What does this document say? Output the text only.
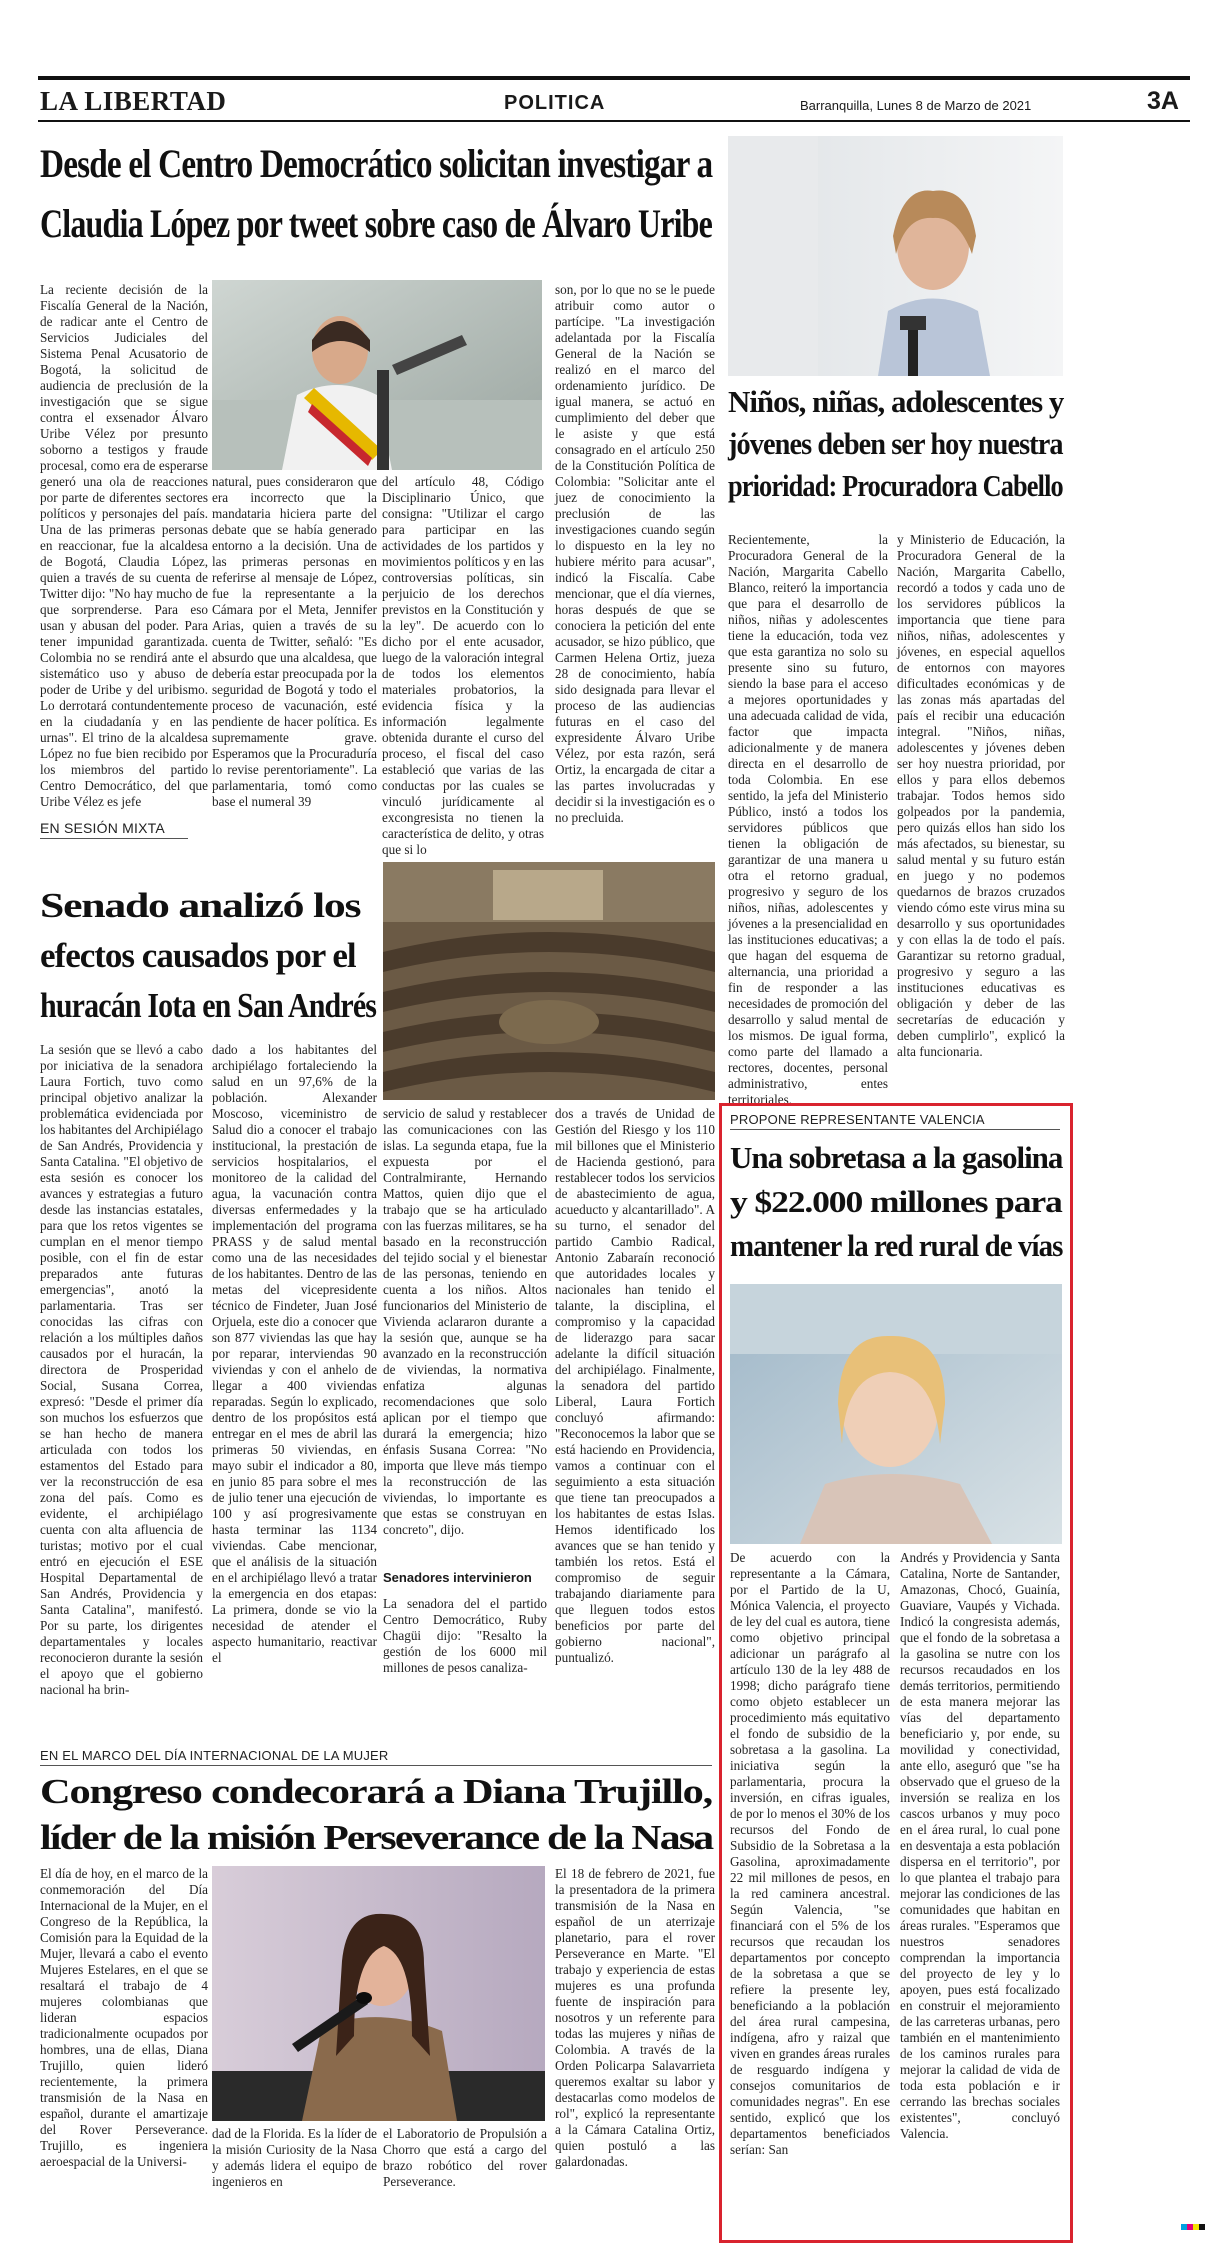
LA LIBERTAD	POLITICA	Barranquilla, Lunes 8 de Marzo de 2021	3A
Desde el Centro Democrático solicitan investigar a
Claudia López por tweet sobre caso de Álvaro Uribe
La reciente decisión de la Fiscalía General de la Nación, de radicar ante el Centro de Servicios Judiciales del Sistema Penal Acusatorio de Bogotá, la solicitud de audiencia de preclusión de la investigación que se sigue contra el exsenador Álvaro Uribe Vélez por presunto soborno a testigos y fraude procesal, como era de esperarse generó una ola de reacciones por parte de diferentes sectores políticos y personajes del país. Una de las primeras personas en reaccionar, fue la alcaldesa de Bogotá, Claudia López, quien a través de su cuenta de Twitter dijo: "No hay mucho de que sorprenderse. Para eso usan y abusan del poder. Para tener impunidad garantizada. Colombia no se rendirá ante el sistemático uso y abuso de poder de Uribe y del uribismo. Lo derrotará contundentemente en la ciudadanía y en las urnas". El trino de la alcaldesa López no fue bien recibido por los miembros del partido Centro Democrático, del que Uribe Vélez es jefe
natural, pues consideraron que era incorrecto que la mandataria hiciera parte del debate que se había generado entorno a la decisión. Una de las primeras personas en referirse al mensaje de López, fue la representante a la Cámara por el Meta, Jennifer Arias, quien a través de su cuenta de Twitter, señaló: "Es absurdo que una alcaldesa, que debería estar preocupada por la seguridad de Bogotá y todo el proceso de vacunación, esté pendiente de hacer política. Es supremamente grave. Esperamos que la Procuraduría lo revise perentoriamente". La parlamentaria, tomó como base el numeral 39
del artículo 48, Código Disciplinario Único, que consigna: "Utilizar el cargo para participar en las actividades de los partidos y movimientos políticos y en las controversias políticas, sin perjuicio de los derechos previstos en la Constitución y la ley". De acuerdo con lo dicho por el ente acusador, luego de la valoración integral de todos los elementos materiales probatorios, la evidencia física y la información legalmente obtenida durante el curso del proceso, el fiscal del caso estableció que varias de las conductas por las cuales se vinculó jurídicamente al excongresista no tienen la característica de delito, y otras que si lo
son, por lo que no se le puede atribuir como autor o partícipe. "La investigación adelantada por la Fiscalía General de la Nación se realizó en el marco del ordenamiento jurídico. De igual manera, se actuó en cumplimiento del deber que le asiste y que está consagrado en el artículo 250 de la Constitución Política de Colombia: "Solicitar ante el juez de conocimiento la preclusión de las investigaciones cuando según lo dispuesto en la ley no hubiere mérito para acusar", indicó la Fiscalía. Cabe mencionar, que el día viernes, horas después de que se conociera la petición del ente acusador, se hizo público, que Carmen Helena Ortiz, jueza 28 de conocimiento, había sido designada para llevar el proceso de las audiencias futuras en el caso del expresidente Álvaro Uribe Vélez, por esta razón, será Ortiz, la encargada de citar a las partes involucradas y decidir si la investigación es o no precluida.
Niños, niñas, adolescentes y
jóvenes deben ser hoy nuestra
prioridad: Procuradora Cabello
Recientemente, la Procuradora General de la Nación, Margarita Cabello Blanco, reiteró la importancia que para el desarrollo de niños, niñas y adolescentes tiene la educación, toda vez que esta garantiza no solo su presente sino su futuro, siendo la base para el acceso a mejores oportunidades y una adecuada calidad de vida, factor que impacta adicionalmente y de manera directa en el desarrollo de toda Colombia. En ese sentido, la jefa del Ministerio Público, instó a todos los servidores públicos que tienen la obligación de garantizar de una manera u otra el retorno gradual, progresivo y seguro de los niños, niñas, adolescentes y jóvenes a la presencialidad en las instituciones educativas; a que hagan del esquema de alternancia, una prioridad a fin de responder a las necesidades de promoción del desarrollo y salud mental de los mismos. De igual forma, como parte del llamado a rectores, docentes, personal administrativo, entes territoriales,
y Ministerio de Educación, la Procuradora General de la Nación, Margarita Cabello, recordó a todos y cada uno de los servidores públicos la importancia que tiene para niños, niñas, adolescentes y jóvenes, en especial aquellos de entornos con mayores dificultades económicas y de las zonas más apartadas del país el recibir una educación integral. "Niños, niñas, adolescentes y jóvenes deben ser hoy nuestra prioridad, por ellos y para ellos debemos trabajar. Todos hemos sido golpeados por la pandemia, pero quizás ellos han sido los más afectados, su bienestar, su salud mental y su futuro están en juego y no podemos quedarnos de brazos cruzados viendo cómo este virus mina su desarrollo y sus oportunidades y con ellas la de todo el país. Garantizar su retorno gradual, progresivo y seguro a las instituciones educativas es obligación y deber de las secretarías de educación y deben cumplirlo", explicó la alta funcionaria.
EN SESIÓN MIXTA
Senado analizó los
efectos causados por el
huracán Iota en San Andrés
La sesión que se llevó a cabo por iniciativa de la senadora Laura Fortich, tuvo como principal objetivo analizar la problemática evidenciada por los habitantes del Archipiélago de San Andrés, Providencia y Santa Catalina. "El objetivo de esta sesión es conocer los avances y estrategias a futuro desde las instancias estatales, para que los retos vigentes se cumplan en el menor tiempo posible, con el fin de estar preparados ante futuras emergencias", anotó la parlamentaria. Tras ser conocidas las cifras con relación a los múltiples daños causados por el huracán, la directora de Prosperidad Social, Susana Correa, expresó: "Desde el primer día son muchos los esfuerzos que se han hecho de manera articulada con todos los estamentos del Estado para ver la reconstrucción de esa zona del país. Como es evidente, el archipiélago cuenta con alta afluencia de turistas; motivo por el cual entró en ejecución el ESE Hospital Departamental de San Andrés, Providencia y Santa Catalina", manifestó. Por su parte, los dirigentes departamentales y locales reconocieron durante la sesión el apoyo que el gobierno nacional ha brin-
dado a los habitantes del archipiélago fortaleciendo la salud en un 97,6% de la población. Alexander Moscoso, viceministro de Salud dio a conocer el trabajo institucional, la prestación de servicios hospitalarios, el monitoreo de la calidad del agua, la vacunación contra diversas enfermedades y la implementación del programa PRASS y de salud mental como una de las necesidades de los habitantes. Dentro de las metas del vicepresidente técnico de Findeter, Juan José Orjuela, este dio a conocer que son 877 viviendas las que hay por reparar, interviendas 90 viviendas y con el anhelo de llegar a 400 viviendas reparadas. Según lo explicado, dentro de los propósitos está entregar en el mes de abril las primeras 50 viviendas, en mayo subir el indicador a 80, en junio 85 para sobre el mes de julio tener una ejecución de 100 y así progresivamente hasta terminar las 1134 viviendas. Cabe mencionar, que el análisis de la situación en el archipiélago llevó a tratar la emergencia en dos etapas: La primera, donde se vio la necesidad de atender el aspecto humanitario, reactivar el
servicio de salud y restablecer las comunicaciones con las islas. La segunda etapa, fue la expuesta por el Contralmirante, Hernando Mattos, quien dijo que el trabajo que se ha articulado con las fuerzas militares, se ha basado en la reconstrucción del tejido social y el bienestar de las personas, teniendo en cuenta a los niños. Altos funcionarios del Ministerio de Vivienda aclararon durante a la sesión que, aunque se ha avanzado en la reconstrucción de viviendas, la normativa enfatiza algunas recomendaciones que solo aplican por el tiempo que durará la emergencia; hizo énfasis Susana Correa: "No importa que lleve más tiempo la reconstrucción de las viviendas, lo importante es que estas se construyan en concreto", dijo.
Senadores intervinieron
La senadora del el partido Centro Democrático, Ruby Chagüi dijo: "Resalto la gestión de los 6000 mil millones de pesos canaliza-
dos a través de Unidad de Gestión del Riesgo y los 110 mil billones que el Ministerio de Hacienda gestionó, para restablecer todos los servicios de abastecimiento de agua, acueducto y alcantarillado". A su turno, el senador del partido Cambio Radical, Antonio Zabaraín reconoció que autoridades locales y nacionales han tenido el talante, la disciplina, el compromiso y la capacidad de liderazgo para sacar adelante la difícil situación del archipiélago. Finalmente, la senadora del partido Liberal, Laura Fortich concluyó afirmando: "Reconocemos la labor que se está haciendo en Providencia, vamos a continuar con el seguimiento a esta situación que tiene tan preocupados a los habitantes de estas Islas. Hemos identificado los avances que se han tenido y también los retos. Está el compromiso de seguir trabajando diariamente para que lleguen todos estos beneficios por parte del gobierno nacional", puntualizó.
PROPONE REPRESENTANTE VALENCIA
Una sobretasa a la gasolina
y $22.000 millones para
mantener la red rural de vías
De acuerdo con la representante a la Cámara, por el Partido de la U, Mónica Valencia, el proyecto de ley del cual es autora, tiene como objetivo principal adicionar un parágrafo al artículo 130 de la ley 488 de 1998; dicho parágrafo tiene como objeto establecer un procedimiento más equitativo el fondo de subsidio de la sobretasa a la gasolina. La iniciativa según la parlamentaria, procura la inversión, en cifras iguales, de por lo menos el 30% de los recursos del Fondo de Subsidio de la Sobretasa a la Gasolina, aproximadamente 22 mil millones de pesos, en la red caminera ancestral. Según Valencia, "se financiará con el 5% de los recursos que recaudan los departamentos por concepto de la sobretasa a que se refiere la presente ley, beneficiando a la población del área rural campesina, indígena, afro y raizal que viven en grandes áreas rurales de resguardo indígena y consejos comunitarios de comunidades negras". En ese sentido, explicó que los departamentos beneficiados serían: San
Andrés y Providencia y Santa Catalina, Norte de Santander, Amazonas, Chocó, Guainía, Guaviare, Vaupés y Vichada. Indicó la congresista además, que el fondo de la sobretasa a la gasolina se nutre con los recursos recaudados en los demás territorios, permitiendo de esta manera mejorar las vías del departamento beneficiario y, por ende, su movilidad y conectividad, ante ello, aseguró que "se ha observado que el grueso de la inversión se realiza en los cascos urbanos y muy poco en el área rural, lo cual pone en desventaja a esta población dispersa en el territorio", por lo que plantea el trabajo para mejorar las condiciones de las comunidades que habitan en áreas rurales. "Esperamos que nuestros senadores comprendan la importancia del proyecto de ley y lo apoyen, pues está focalizado en construir el mejoramiento de las carreteras urbanas, pero también en el mantenimiento de los caminos rurales para mejorar la calidad de vida de toda esta población e ir cerrando las brechas sociales existentes", concluyó Valencia.
EN EL MARCO DEL DÍA INTERNACIONAL DE LA MUJER
Congreso condecorará a Diana Trujillo,
líder de la misión Perseverance de la Nasa
El día de hoy, en el marco de la conmemoración del Día Internacional de la Mujer, en el Congreso de la República, la Comisión para la Equidad de la Mujer, llevará a cabo el evento Mujeres Estelares, en el que se resaltará el trabajo de 4 mujeres colombianas que lideran espacios tradicionalmente ocupados por hombres, una de ellas, Diana Trujillo, quien lideró recientemente, la primera transmisión de la Nasa en español, durante el amartizaje del Rover Perseverance. Trujillo, es ingeniera aeroespacial de la Universi-
dad de la Florida. Es la líder de la misión Curiosity de la Nasa y además lidera el equipo de ingenieros en
el Laboratorio de Propulsión a Chorro que está a cargo del brazo robótico del rover Perseverance.
El 18 de febrero de 2021, fue la presentadora de la primera transmisión de la Nasa en español de un aterrizaje planetario, para el rover Perseverance en Marte. "El trabajo y experiencia de estas mujeres es una profunda fuente de inspiración para nosotros y un referente para todas las mujeres y niñas de Colombia. A través de la Orden Policarpa Salavarrieta queremos exaltar su labor y destacarlas como modelos de rol", explicó la representante a la Cámara Catalina Ortiz, quien postuló a las galardonadas.
